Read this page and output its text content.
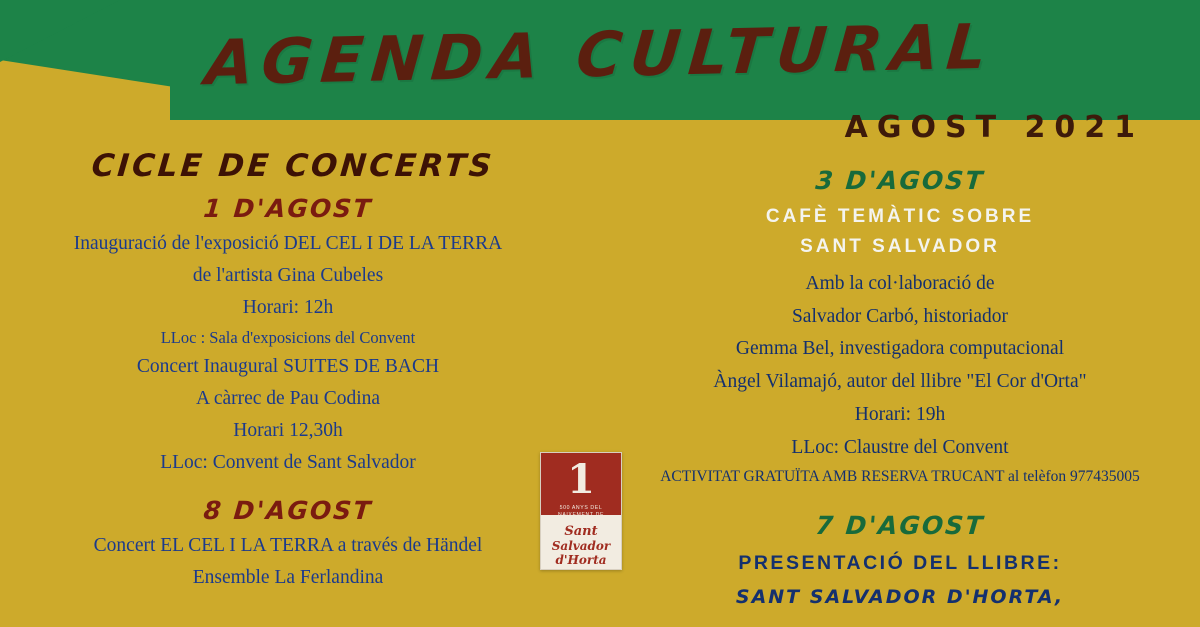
AGENDA CULTURAL
AGOST 2021
CICLE DE CONCERTS
1 D'AGOST
Inauguració de l'exposició DEL CEL I DE LA TERRA
de l'artista Gina Cubeles
Horari: 12h
LLoc : Sala d'exposicions del Convent
Concert Inaugural SUITES DE BACH
A càrrec de Pau Codina
Horari 12,30h
LLoc: Convent de Sant Salvador
8 D'AGOST
Concert EL CEL I LA TERRA a través de Händel
Ensemble La Ferlandina
3 D'AGOST
CAFÈ TEMÀTIC SOBRE
SANT SALVADOR
Amb la col·laboració de
Salvador Carbó, historiador
Gemma Bel, investigadora computacional
Àngel Vilamajó, autor del llibre "El Cor d'Orta"
Horari: 19h
LLoc: Claustre del Convent
ACTIVITAT GRATUÏTA AMB RESERVA TRUCANT al telèfon 977435005
7 D'AGOST
PRESENTACIÓ DEL LLIBRE:
SANT SALVADOR D'HORTA,
1
500 ANYS DEL NAIXEMENT DE
Sant
Salvador
d'Horta
